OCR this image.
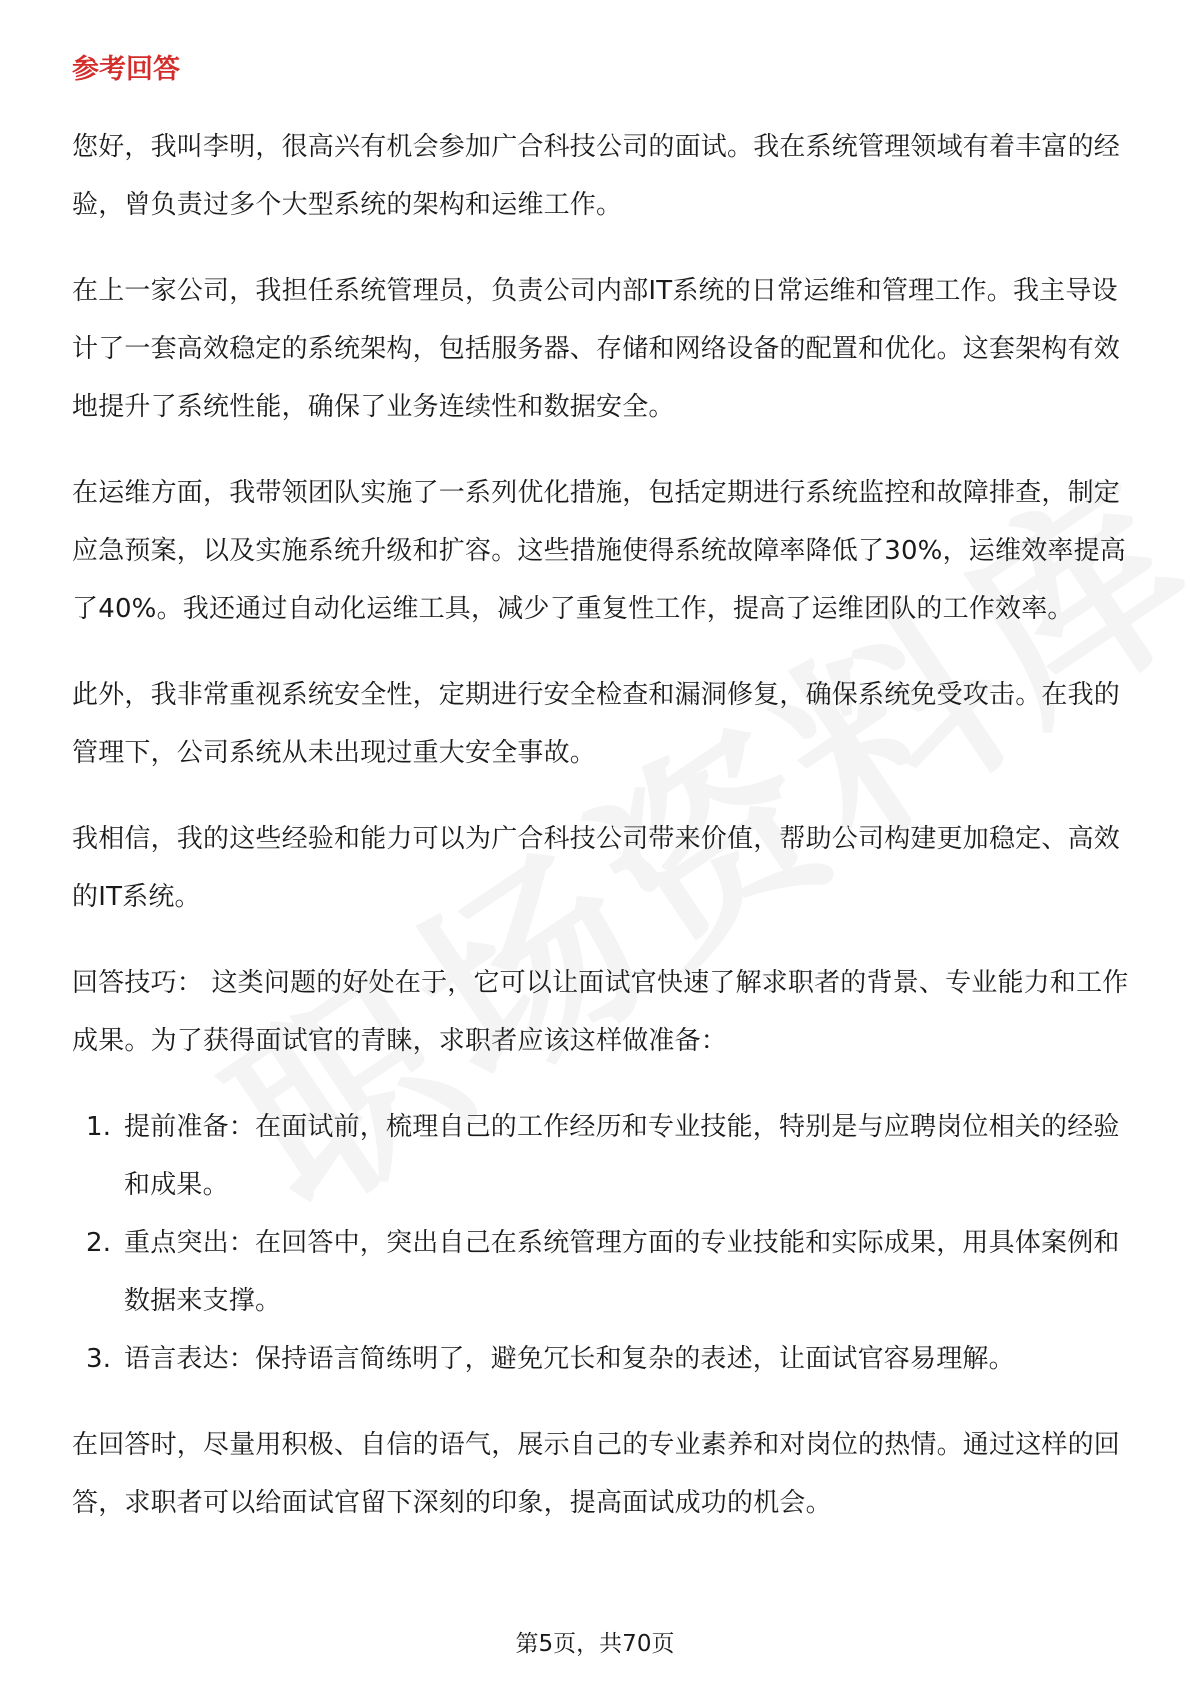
参考回答

您好，我叫李明，很高兴有机会参加广合科技公司的面试。我在系统管理领域有着丰富的经验，曾负责过多个大型系统的架构和运维工作。

在上一家公司，我担任系统管理员，负责公司内部IT系统的日常运维和管理工作。我主导设计了一套高效稳定的系统架构，包括服务器、存储和网络设备的配置和优化。这套架构有效地提升了系统性能，确保了业务连续性和数据安全。

在运维方面，我带领团队实施了一系列优化措施，包括定期进行系统监控和故障排查，制定应急预案，以及实施系统升级和扩容。这些措施使得系统故障率降低了30%，运维效率提高了40%。我还通过自动化运维工具，减少了重复性工作，提高了运维团队的工作效率。

此外，我非常重视系统安全性，定期进行安全检查和漏洞修复，确保系统免受攻击。在我的管理下，公司系统从未出现过重大安全事故。

我相信，我的这些经验和能力可以为广合科技公司带来价值，帮助公司构建更加稳定、高效的IT系统。

回答技巧： 这类问题的好处在于，它可以让面试官快速了解求职者的背景、专业能力和工作成果。为了获得面试官的青睐，求职者应该这样做准备：

1. 提前准备：在面试前，梳理自己的工作经历和专业技能，特别是与应聘岗位相关的经验和成果。
2. 重点突出：在回答中，突出自己在系统管理方面的专业技能和实际成果，用具体案例和数据来支撑。
3. 语言表达：保持语言简练明了，避免冗长和复杂的表述，让面试官容易理解。

在回答时，尽量用积极、自信的语气，展示自己的专业素养和对岗位的热情。通过这样的回答，求职者可以给面试官留下深刻的印象，提高面试成功的机会。

第5页，共70页
